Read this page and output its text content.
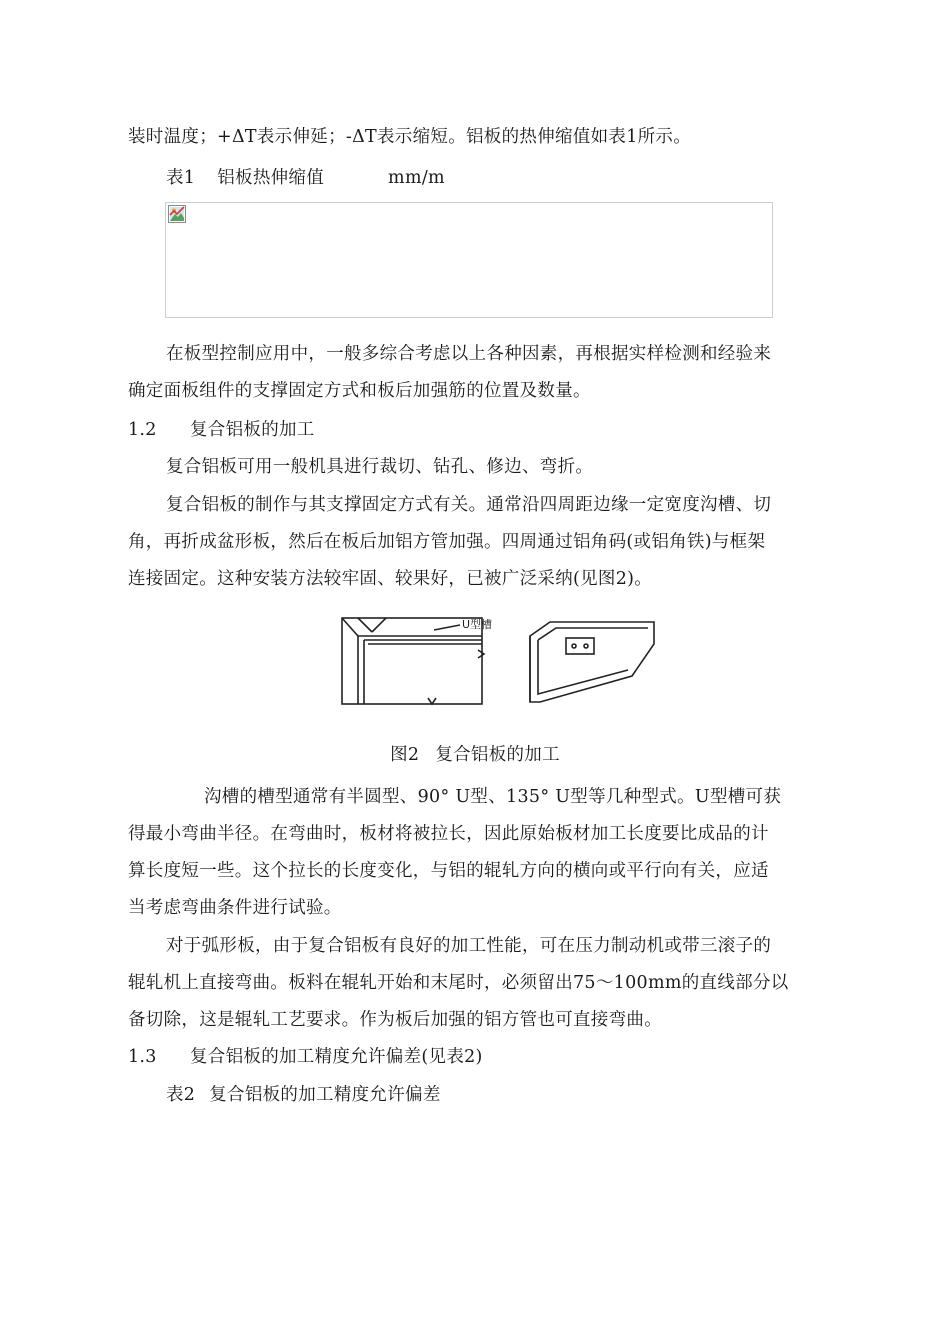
装时温度；+ΔT表示伸延；-ΔT表示缩短。铝板的热伸缩值如表1所示。
表1 铝板热伸缩值	mm/m
在板型控制应用中，一般多综合考虑以上各种因素，再根据实样检测和经验来
确定面板组件的支撑固定方式和板后加强筋的位置及数量。
1.2 复合铝板的加工
复合铝板可用一般机具进行裁切、钻孔、修边、弯折。
复合铝板的制作与其支撑固定方式有关。通常沿四周距边缘一定宽度沟槽、切
角，再折成盆形板，然后在板后加铝方管加强。四周通过铝角码(或铝角铁)与框架
连接固定。这种安装方法较牢固、较果好，已被广泛采纳(见图2)。
U型槽
图2 复合铝板的加工
沟槽的槽型通常有半圆型、90° U型、135° U型等几种型式。U型槽可获
得最小弯曲半径。在弯曲时，板材将被拉长，因此原始板材加工长度要比成品的计
算长度短一些。这个拉长的长度变化，与铝的辊轧方向的横向或平行向有关，应适
当考虑弯曲条件进行试验。
对于弧形板，由于复合铝板有良好的加工性能，可在压力制动机或带三滚子的
辊轧机上直接弯曲。板料在辊轧开始和末尾时，必须留出75～100mm的直线部分以
备切除，这是辊轧工艺要求。作为板后加强的铝方管也可直接弯曲。
1.3 复合铝板的加工精度允许偏差(见表2)
表2 复合铝板的加工精度允许偏差
